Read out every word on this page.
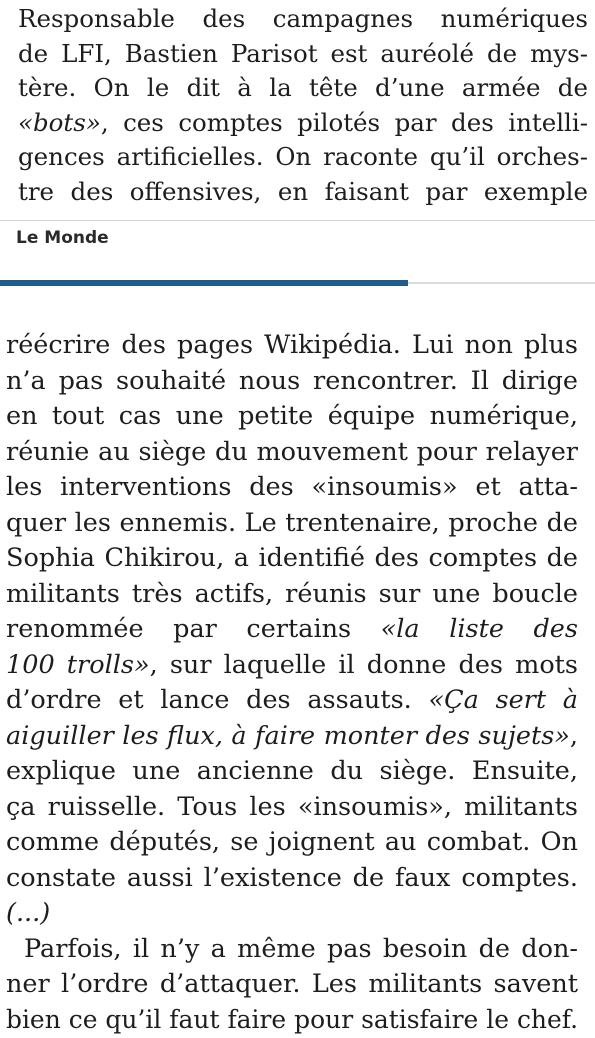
Responsable des campagnes numériques
de LFI, Bastien Parisot est auréolé de mys-
tère. On le dit à la tête d’une armée de
«bots», ces comptes pilotés par des intelli-
gences artificielles. On raconte qu’il orches-
tre des offensives, en faisant par exemple
Le Monde
réécrire des pages Wikipédia. Lui non plus
n’a pas souhaité nous rencontrer. Il dirige
en tout cas une petite équipe numérique,
réunie au siège du mouvement pour relayer
les interventions des «insoumis» et atta-
quer les ennemis. Le trentenaire, proche de
Sophia Chikirou, a identifié des comptes de
militants très actifs, réunis sur une boucle
renommée par certains «la liste des
100 trolls», sur laquelle il donne des mots
d’ordre et lance des assauts. «Ça sert à
aiguiller les flux, à faire monter des sujets»,
explique une ancienne du siège. Ensuite,
ça ruisselle. Tous les «insoumis», militants
comme députés, se joignent au combat. On
constate aussi l’existence de faux comptes.
(...)
Parfois, il n’y a même pas besoin de don-
ner l’ordre d’attaquer. Les militants savent
bien ce qu’il faut faire pour satisfaire le chef.
